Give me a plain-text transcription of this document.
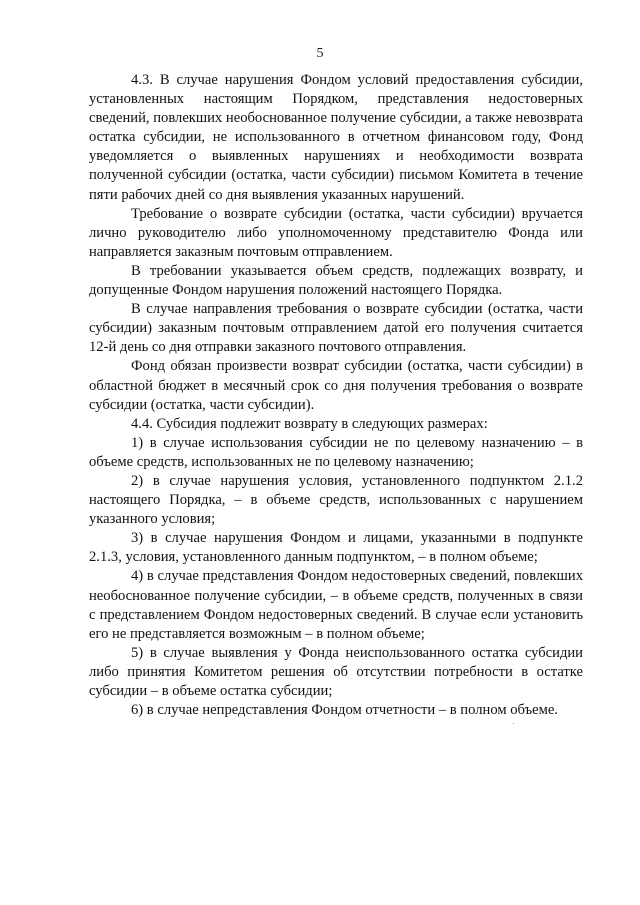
5

4.3. В случае нарушения Фондом условий предоставления субсидии, установленных настоящим Порядком, представления недостоверных сведений, повлекших необоснованное получение субсидии, а также невозврата остатка субсидии, не использованного в отчетном финансовом году, Фонд уведомляется о выявленных нарушениях и необходимости возврата полученной субсидии (остатка, части субсидии) письмом Комитета в течение пяти рабочих дней со дня выявления указанных нарушений.

Требование о возврате субсидии (остатка, части субсидии) вручается лично руководителю либо уполномоченному представителю Фонда или направляется заказным почтовым отправлением.

В требовании указывается объем средств, подлежащих возврату, и допущенные Фондом нарушения положений настоящего Порядка.

В случае направления требования о возврате субсидии (остатка, части субсидии) заказным почтовым отправлением датой его получения считается 12-й день со дня отправки заказного почтового отправления.

Фонд обязан произвести возврат субсидии (остатка, части субсидии) в областной бюджет в месячный срок со дня получения требования о возврате субсидии (остатка, части субсидии).

4.4. Субсидия подлежит возврату в следующих размерах:

1) в случае использования субсидии не по целевому назначению – в объеме средств, использованных не по целевому назначению;

2) в случае нарушения условия, установленного подпунктом 2.1.2 настоящего Порядка, – в объеме средств, использованных с нарушением указанного условия;

3) в случае нарушения Фондом и лицами, указанными в подпункте 2.1.3, условия, установленного данным подпунктом, – в полном объеме;

4) в случае представления Фондом недостоверных сведений, повлекших необоснованное получение субсидии, – в объеме средств, полученных в связи с представлением Фондом недостоверных сведений. В случае если установить его не представляется возможным – в полном объеме;

5) в случае выявления у Фонда неиспользованного остатка субсидии либо принятия Комитетом решения об отсутствии потребности в остатке субсидии – в объеме остатка субсидии;

6) в случае непредставления Фондом отчетности – в полном объеме.
